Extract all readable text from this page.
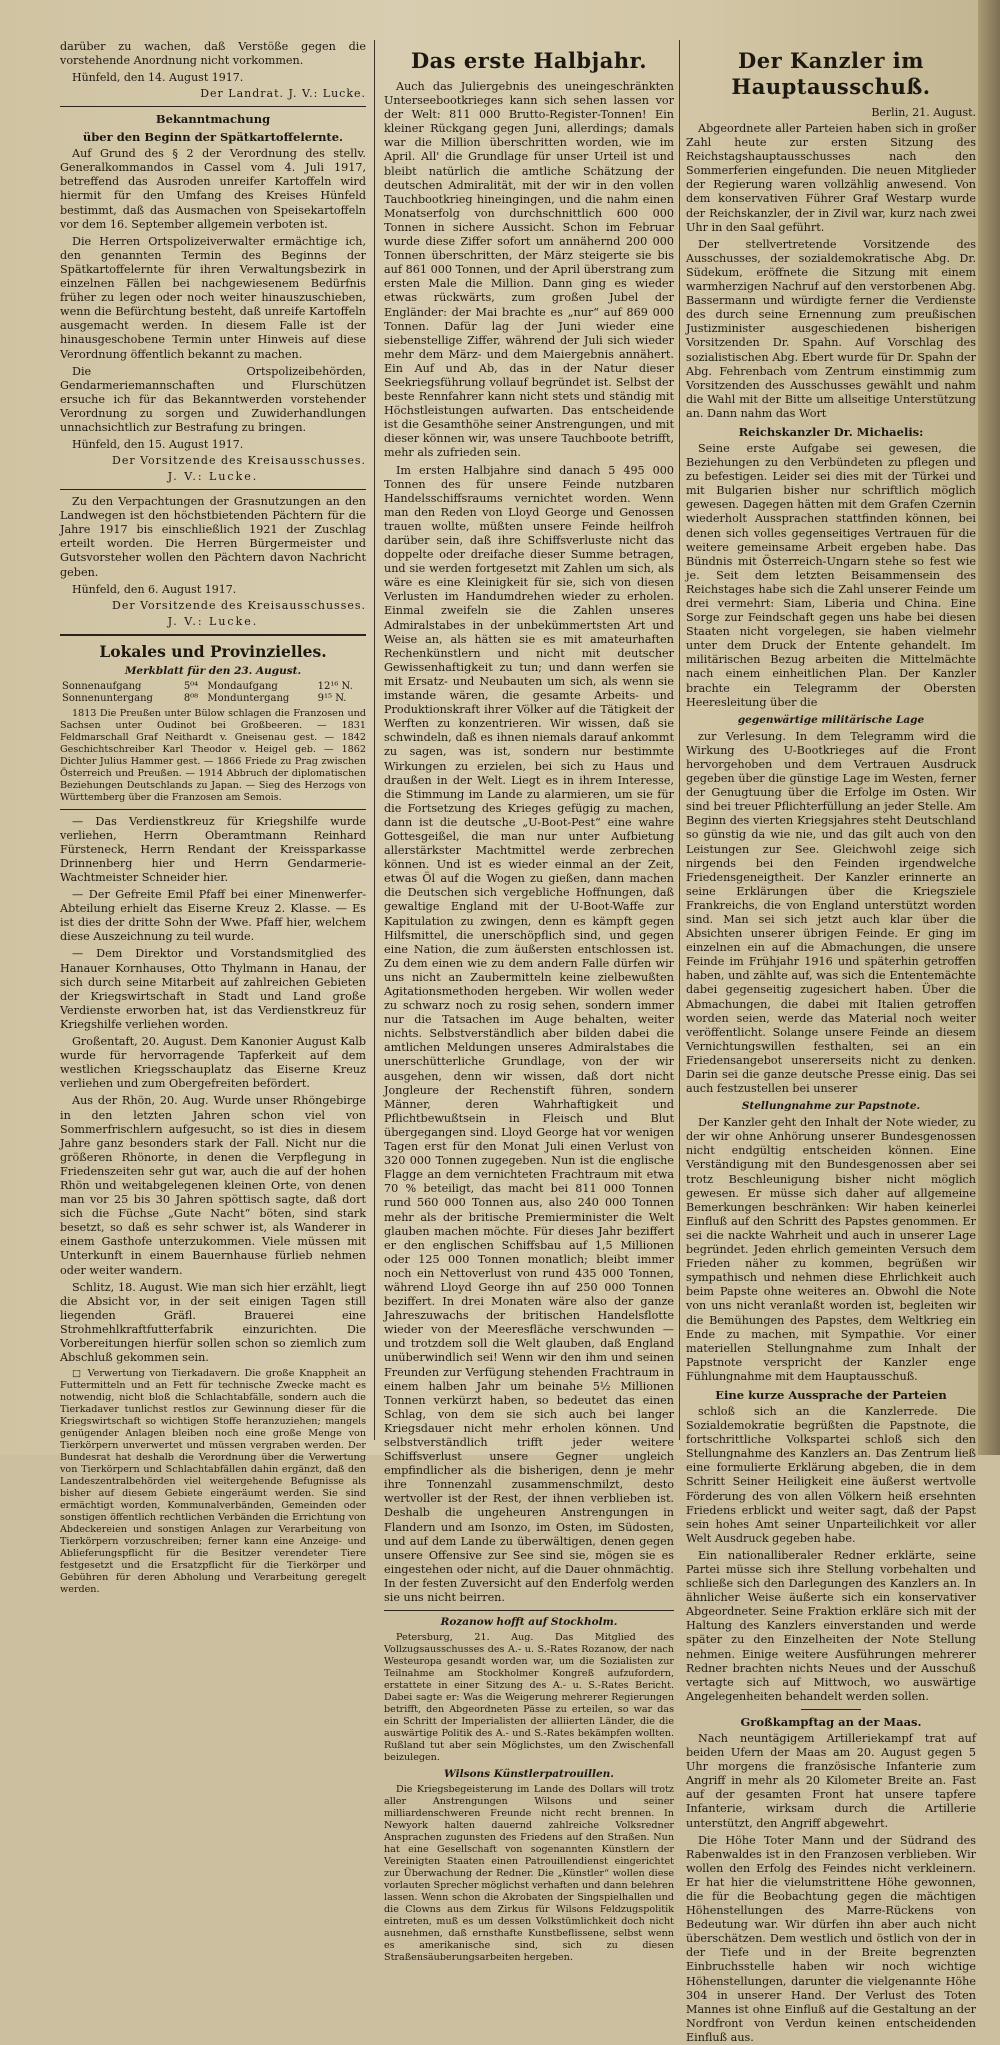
darüber zu wachen, daß Verstöße gegen die vorstehende Anordnung nicht vorkommen.

Hünfeld, den 14. August 1917.
Der Landrat. J. V.: Lucke.
Bekanntmachung
über den Beginn der Spätkartoffelernte.

Auf Grund des § 2 der Verordnung des stellv. Generalkommandos in Cassel vom 4. Juli 1917, betreffend das Ausroden unreifer Kartoffeln wird hiermit für den Umfang des Kreises Hünfeld bestimmt, daß das Ausmachen von Speisekartoffeln vor dem 16. September allgemein verboten ist.

Die Herren Ortspolizeiverwalter ermächtige ich, den genannten Termin des Beginns der Spätkartoffelernte für ihren Verwaltungsbezirk in einzelnen Fällen bei nachgewiesenem Bedürfnis früher zu legen oder noch weiter hinauszuschieben, wenn die Befürchtung besteht, daß unreife Kartoffeln ausgemacht werden. In diesem Falle ist der hinausgeschobene Termin unter Hinweis auf diese Verordnung öffentlich bekannt zu machen.

Die Ortspolizeibehörden, Gendarmeriemannschaften und Flurschützen ersuche ich für das Bekanntwerden vorstehender Verordnung zu sorgen und Zuwiderhandlungen unnachsichtlich zur Bestrafung zu bringen.

Hünfeld, den 15. August 1917.
Der Vorsitzende des Kreisausschusses.
J. V.: Lucke.

Zu den Verpachtungen der Grasnutzungen an den Landwegen ist den höchstbietenden Pächtern für die Jahre 1917 bis einschließlich 1921 der Zuschlag erteilt worden. Die Herren Bürgermeister und Gutsvorsteher wollen den Pächtern davon Nachricht geben.

Hünfeld, den 6. August 1917.
Der Vorsitzende des Kreisausschusses.
J. V.: Lucke.
Lokales und Provinzielles.
Merkblatt für den 23. August.
Sonnenaufgang	5⁰⁴	Mondaufgang	12¹⁶ N.
Sonnenuntergang	8⁰⁸	Monduntergang	9¹⁵ N.

1813 Die Preußen unter Bülow schlagen die Franzosen und Sachsen unter Oudinot bei Großbeeren. — 1831 Feldmarschall Graf Neithardt v. Gneisenau gest. — 1842 Geschichtschreiber Karl Theodor v. Heigel geb. — 1862 Dichter Julius Hammer gest. — 1866 Friede zu Prag zwischen Österreich und Preußen. — 1914 Abbruch der diplomatischen Beziehungen Deutschlands zu Japan. — Sieg des Herzogs von Württemberg über die Franzosen am Semois.

— Das Verdienstkreuz für Kriegshilfe wurde verliehen, Herrn Oberamtmann Reinhard Fürsteneck, Herrn Rendant der Kreissparkasse Drinnenberg hier und Herrn Gendarmerie-Wachtmeister Schneider hier.

— Der Gefreite Emil Pfaff bei einer Minenwerfer-Abteilung erhielt das Eiserne Kreuz 2. Klasse. — Es ist dies der dritte Sohn der Wwe. Pfaff hier, welchem diese Auszeichnung zu teil wurde.

— Dem Direktor und Vorstandsmitglied des Hanauer Kornhauses, Otto Thylmann in Hanau, der sich durch seine Mitarbeit auf zahlreichen Gebieten der Kriegswirtschaft in Stadt und Land große Verdienste erworben hat, ist das Verdienstkreuz für Kriegshilfe verliehen worden.

Großentaft, 20. August. Dem Kanonier August Kalb wurde für hervorragende Tapferkeit auf dem westlichen Kriegsschauplatz das Eiserne Kreuz verliehen und zum Obergefreiten befördert.

Aus der Rhön, 20. Aug. Wurde unser Rhöngebirge in den letzten Jahren schon viel von Sommerfrischlern aufgesucht, so ist dies in diesem Jahre ganz besonders stark der Fall. Nicht nur die größeren Rhönorte, in denen die Verpflegung in Friedenszeiten sehr gut war, auch die auf der hohen Rhön und weitabgelegenen kleinen Orte, von denen man vor 25 bis 30 Jahren spöttisch sagte, daß dort sich die Füchse „Gute Nacht“ böten, sind stark besetzt, so daß es sehr schwer ist, als Wanderer in einem Gasthofe unterzukommen. Viele müssen mit Unterkunft in einem Bauernhause fürlieb nehmen oder weiter wandern.

Schlitz, 18. August. Wie man sich hier erzählt, liegt die Absicht vor, in der seit einigen Tagen still liegenden Gräfl. Brauerei eine Strohmehlkraftfutterfabrik einzurichten. Die Vorbereitungen hierfür sollen schon so ziemlich zum Abschluß gekommen sein.

□ Verwertung von Tierkadavern. Die große Knappheit an Futtermitteln und an Fett für technische Zwecke macht es notwendig, nicht bloß die Schlachtabfälle, sondern auch die Tierkadaver tunlichst restlos zur Gewinnung dieser für die Kriegswirtschaft so wichtigen Stoffe heranzuziehen; mangels genügender Anlagen bleiben noch eine große Menge von Tierkörpern unverwertet und müssen vergraben werden. Der Bundesrat hat deshalb die Verordnung über die Verwertung von Tierkörpern und Schlachtabfällen dahin ergänzt, daß den Landeszentralbehörden viel weitergehende Befugnisse als bisher auf diesem Gebiete eingeräumt werden. Sie sind ermächtigt worden, Kommunalverbänden, Gemeinden oder sonstigen öffentlich rechtlichen Verbänden die Errichtung von Abdeckereien und sonstigen Anlagen zur Verarbeitung von Tierkörpern vorzuschreiben; ferner kann eine Anzeige- und Ablieferungspflicht für die Besitzer verendeter Tiere festgesetzt und die Ersatzpflicht für die Tierkörper und Gebühren für deren Abholung und Verarbeitung geregelt werden.

Das erste Halbjahr.

Auch das Juliergebnis des uneingeschränkten Unterseebootkrieges kann sich sehen lassen vor der Welt: 811 000 Brutto-Register-Tonnen! Ein kleiner Rückgang gegen Juni, allerdings; damals war die Million überschritten worden, wie im April. All' die Grundlage für unser Urteil ist und bleibt natürlich die amtliche Schätzung der deutschen Admiralität, mit der wir in den vollen Tauchbootkrieg hineingingen, und die nahm einen Monatserfolg von durchschnittlich 600 000 Tonnen in sichere Aussicht. Schon im Februar wurde diese Ziffer sofort um annähernd 200 000 Tonnen überschritten, der März steigerte sie bis auf 861 000 Tonnen, und der April überstrang zum ersten Male die Million. Dann ging es wieder etwas rückwärts, zum großen Jubel der Engländer: der Mai brachte es „nur“ auf 869 000 Tonnen. Dafür lag der Juni wieder eine siebenstellige Ziffer, während der Juli sich wieder mehr dem März- und dem Maiergebnis annähert. Ein Auf und Ab, das in der Natur dieser Seekriegsführung vollauf begründet ist. Selbst der beste Rennfahrer kann nicht stets und ständig mit Höchstleistungen aufwarten. Das entscheidende ist die Gesamthöhe seiner Anstrengungen, und mit dieser können wir, was unsere Tauchboote betrifft, mehr als zufrieden sein.

Im ersten Halbjahre sind danach 5 495 000 Tonnen des für unsere Feinde nutzbaren Handelsschiffsraums vernichtet worden. Wenn man den Reden von Lloyd George und Genossen trauen wollte, müßten unsere Feinde heilfroh darüber sein, daß ihre Schiffsverluste nicht das doppelte oder dreifache dieser Summe betragen, und sie werden fortgesetzt mit Zahlen um sich, als wäre es eine Kleinigkeit für sie, sich von diesen Verlusten im Handumdrehen wieder zu erholen. Einmal zweifeln sie die Zahlen unseres Admiralstabes in der unbekümmertsten Art und Weise an, als hätten sie es mit amateurhaften Rechenkünstlern und nicht mit deutscher Gewissenhaftigkeit zu tun; und dann werfen sie mit Ersatz- und Neubauten um sich, als wenn sie imstande wären, die gesamte Arbeits- und Produktionskraft ihrer Völker auf die Tätigkeit der Werften zu konzentrieren. Wir wissen, daß sie schwindeln, daß es ihnen niemals darauf ankommt zu sagen, was ist, sondern nur bestimmte Wirkungen zu erzielen, bei sich zu Haus und draußen in der Welt. Liegt es in ihrem Interesse, die Stimmung im Lande zu alarmieren, um sie für die Fortsetzung des Krieges gefügig zu machen, dann ist die deutsche „U-Boot-Pest“ eine wahre Gottesgeißel, die man nur unter Aufbietung allerstärkster Machtmittel werde zerbrechen können. Und ist es wieder einmal an der Zeit, etwas Öl auf die Wogen zu gießen, dann machen die Deutschen sich vergebliche Hoffnungen, daß gewaltige England mit der U-Boot-Waffe zur Kapitulation zu zwingen, denn es kämpft gegen Hilfsmittel, die unerschöpflich sind, und gegen eine Nation, die zum äußersten entschlossen ist. Zu dem einen wie zu dem andern Falle dürfen wir uns nicht an Zaubermitteln keine zielbewußten Agitationsmethoden hergeben. Wir wollen weder zu schwarz noch zu rosig sehen, sondern immer nur die Tatsachen im Auge behalten, weiter nichts. Selbstverständlich aber bilden dabei die amtlichen Meldungen unseres Admiralstabes die unerschütterliche Grundlage, von der wir ausgehen, denn wir wissen, daß dort nicht Jongleure der Rechenstift führen, sondern Männer, deren Wahrhaftigkeit und Pflichtbewußtsein in Fleisch und Blut übergegangen sind. Lloyd George hat vor wenigen Tagen erst für den Monat Juli einen Verlust von 320 000 Tonnen zugegeben. Nun ist die englische Flagge an dem vernichteten Frachtraum mit etwa 70 % beteiligt, das macht bei 811 000 Tonnen rund 560 000 Tonnen aus, also 240 000 Tonnen mehr als der britische Premierminister die Welt glauben machen möchte. Für dieses Jahr beziffert er den englischen Schiffsbau auf 1,5 Millionen oder 125 000 Tonnen monatlich; bleibt immer noch ein Nettoverlust von rund 435 000 Tonnen, während Lloyd George ihn auf 250 000 Tonnen beziffert. In drei Monaten wäre also der ganze Jahreszuwachs der britischen Handelsflotte wieder von der Meeresfläche verschwunden — und trotzdem soll die Welt glauben, daß England unüberwindlich sei! Wenn wir den ihm und seinen Freunden zur Verfügung stehenden Frachtraum in einem halben Jahr um beinahe 5½ Millionen Tonnen verkürzt haben, so bedeutet das einen Schlag, von dem sie sich auch bei langer Kriegsdauer nicht mehr erholen können. Und selbstverständlich trifft jeder weitere Schiffsverlust unsere Gegner ungleich empfindlicher als die bisherigen, denn je mehr ihre Tonnenzahl zusammenschmilzt, desto wertvoller ist der Rest, der ihnen verblieben ist. Deshalb die ungeheuren Anstrengungen in Flandern und am Isonzo, im Osten, im Südosten, und auf dem Lande zu überwältigen, denen gegen unsere Offensive zur See sind sie, mögen sie es eingestehen oder nicht, auf die Dauer ohnmächtig. In der festen Zuversicht auf den Enderfolg werden sie uns nicht beirren.

Rozanow hofft auf Stockholm.

Petersburg, 21. Aug. Das Mitglied des Vollzugsausschusses des A.- u. S.-Rates Rozanow, der nach Westeuropa gesandt worden war, um die Sozialisten zur Teilnahme am Stockholmer Kongreß aufzufordern, erstattete in einer Sitzung des A.- u. S.-Rates Bericht. Dabei sagte er: Was die Weigerung mehrerer Regierungen betrifft, den Abgeordneten Pässe zu erteilen, so war das ein Schritt der Imperialisten der alliierten Länder, die die auswärtige Politik des A.- und S.-Rates bekämpfen wollten. Rußland tut aber sein Möglichstes, um den Zwischenfall beizulegen.

Wilsons Künstlerpatrouillen.

Die Kriegsbegeisterung im Lande des Dollars will trotz aller Anstrengungen Wilsons und seiner milliardenschweren Freunde nicht recht brennen. In Newyork halten dauernd zahlreiche Volksredner Ansprachen zugunsten des Friedens auf den Straßen. Nun hat eine Gesellschaft von sogenannten Künstlern der Vereinigten Staaten einen Patrouillendienst eingerichtet zur Überwachung der Redner. Die „Künstler“ wollen diese vorlauten Sprecher möglichst verhaften und dann belehren lassen. Wenn schon die Akrobaten der Singspielhallen und die Clowns aus dem Zirkus für Wilsons Feldzugspolitik eintreten, muß es um dessen Volkstümlichkeit doch nicht ausnehmen, daß ernsthafte Kunstbeflissene, selbst wenn es amerikanische sind, sich zu diesen Straßensäuberungsarbeiten hergeben.

Der Kanzler im Hauptausschuß.
Berlin, 21. August.

Abgeordnete aller Parteien haben sich in großer Zahl heute zur ersten Sitzung des Reichstagshauptausschusses nach den Sommerferien eingefunden. Die neuen Mitglieder der Regierung waren vollzählig anwesend. Von dem konservativen Führer Graf Westarp wurde der Reichskanzler, der in Zivil war, kurz nach zwei Uhr in den Saal geführt.

Der stellvertretende Vorsitzende des Ausschusses, der sozialdemokratische Abg. Dr. Südekum, eröffnete die Sitzung mit einem warmherzigen Nachruf auf den verstorbenen Abg. Bassermann und würdigte ferner die Verdienste des durch seine Ernennung zum preußischen Justizminister ausgeschiedenen bisherigen Vorsitzenden Dr. Spahn. Auf Vorschlag des sozialistischen Abg. Ebert wurde für Dr. Spahn der Abg. Fehrenbach vom Zentrum einstimmig zum Vorsitzenden des Ausschusses gewählt und nahm die Wahl mit der Bitte um allseitige Unterstützung an. Dann nahm das Wort

Reichskanzler Dr. Michaelis:

Seine erste Aufgabe sei gewesen, die Beziehungen zu den Verbündeten zu pflegen und zu befestigen. Leider sei dies mit der Türkei und mit Bulgarien bisher nur schriftlich möglich gewesen. Dagegen hätten mit dem Grafen Czernin wiederholt Aussprachen stattfinden können, bei denen sich volles gegenseitiges Vertrauen für die weitere gemeinsame Arbeit ergeben habe. Das Bündnis mit Österreich-Ungarn stehe so fest wie je. Seit dem letzten Beisammensein des Reichstages habe sich die Zahl unserer Feinde um drei vermehrt: Siam, Liberia und China. Eine Sorge zur Feindschaft gegen uns habe bei diesen Staaten nicht vorgelegen, sie haben vielmehr unter dem Druck der Entente gehandelt. Im militärischen Bezug arbeiten die Mittelmächte nach einem einheitlichen Plan. Der Kanzler brachte ein Telegramm der Obersten Heeresleitung über die

gegenwärtige militärische Lage

zur Verlesung. In dem Telegramm wird die Wirkung des U-Bootkrieges auf die Front hervorgehoben und dem Vertrauen Ausdruck gegeben über die günstige Lage im Westen, ferner der Genugtuung über die Erfolge im Osten. Wir sind bei treuer Pflichterfüllung an jeder Stelle. Am Beginn des vierten Kriegsjahres steht Deutschland so günstig da wie nie, und das gilt auch von den Leistungen zur See. Gleichwohl zeige sich nirgends bei den Feinden irgendwelche Friedensgeneigtheit. Der Kanzler erinnerte an seine Erklärungen über die Kriegsziele Frankreichs, die von England unterstützt worden sind. Man sei sich jetzt auch klar über die Absichten unserer übrigen Feinde. Er ging im einzelnen ein auf die Abmachungen, die unsere Feinde im Frühjahr 1916 und späterhin getroffen haben, und zählte auf, was sich die Ententemächte dabei gegenseitig zugesichert haben. Über die Abmachungen, die dabei mit Italien getroffen worden seien, werde das Material noch weiter veröffentlicht. Solange unsere Feinde an diesem Vernichtungswillen festhalten, sei an ein Friedensangebot unsererseits nicht zu denken. Darin sei die ganze deutsche Presse einig. Das sei auch festzustellen bei unserer

Stellungnahme zur Papstnote.

Der Kanzler geht den Inhalt der Note wieder, zu der wir ohne Anhörung unserer Bundesgenossen nicht endgültig entscheiden können. Eine Verständigung mit den Bundesgenossen aber sei trotz Beschleunigung bisher nicht möglich gewesen. Er müsse sich daher auf allgemeine Bemerkungen beschränken: Wir haben keinerlei Einfluß auf den Schritt des Papstes genommen. Er sei die nackte Wahrheit und auch in unserer Lage begründet. Jeden ehrlich gemeinten Versuch dem Frieden näher zu kommen, begrüßen wir sympathisch und nehmen diese Ehrlichkeit auch beim Papste ohne weiteres an. Obwohl die Note von uns nicht veranlaßt worden ist, begleiten wir die Bemühungen des Papstes, dem Weltkrieg ein Ende zu machen, mit Sympathie. Vor einer materiellen Stellungnahme zum Inhalt der Papstnote verspricht der Kanzler enge Fühlungnahme mit dem Hauptausschuß.

Eine kurze Aussprache der Parteien

schloß sich an die Kanzlerrede. Die Sozialdemokratie begrüßten die Papstnote, die fortschrittliche Volkspartei schloß sich den Stellungnahme des Kanzlers an. Das Zentrum ließ eine formulierte Erklärung abgeben, die in dem Schritt Seiner Heiligkeit eine äußerst wertvolle Förderung des von allen Völkern heiß ersehnten Friedens erblickt und weiter sagt, daß der Papst sein hohes Amt seiner Unparteilichkeit vor aller Welt Ausdruck gegeben habe.

Ein nationalliberaler Redner erklärte, seine Partei müsse sich ihre Stellung vorbehalten und schließe sich den Darlegungen des Kanzlers an. In ähnlicher Weise äußerte sich ein konservativer Abgeordneter. Seine Fraktion erkläre sich mit der Haltung des Kanzlers einverstanden und werde später zu den Einzelheiten der Note Stellung nehmen. Einige weitere Ausführungen mehrerer Redner brachten nichts Neues und der Ausschuß vertagte sich auf Mittwoch, wo auswärtige Angelegenheiten behandelt werden sollen.

Großkampftag an der Maas.

Nach neuntägigem Artilleriekampf trat auf beiden Ufern der Maas am 20. August gegen 5 Uhr morgens die französische Infanterie zum Angriff in mehr als 20 Kilometer Breite an. Fast auf der gesamten Front hat unsere tapfere Infanterie, wirksam durch die Artillerie unterstützt, den Angriff abgewehrt.

Die Höhe Toter Mann und der Südrand des Rabenwaldes ist in den Franzosen verblieben. Wir wollen den Erfolg des Feindes nicht verkleinern. Er hat hier die vielumstrittene Höhe gewonnen, die für die Beobachtung gegen die mächtigen Höhenstellungen des Marre-Rückens von Bedeutung war. Wir dürfen ihn aber auch nicht überschätzen. Dem westlich und östlich von der in der Tiefe und in der Breite begrenzten Einbruchsstelle haben wir noch wichtige Höhenstellungen, darunter die vielgenannte Höhe 304 in unserer Hand. Der Verlust des Toten Mannes ist ohne Einfluß auf die Gestaltung an der Nordfront von Verdun keinen entscheidenden Einfluß aus.
